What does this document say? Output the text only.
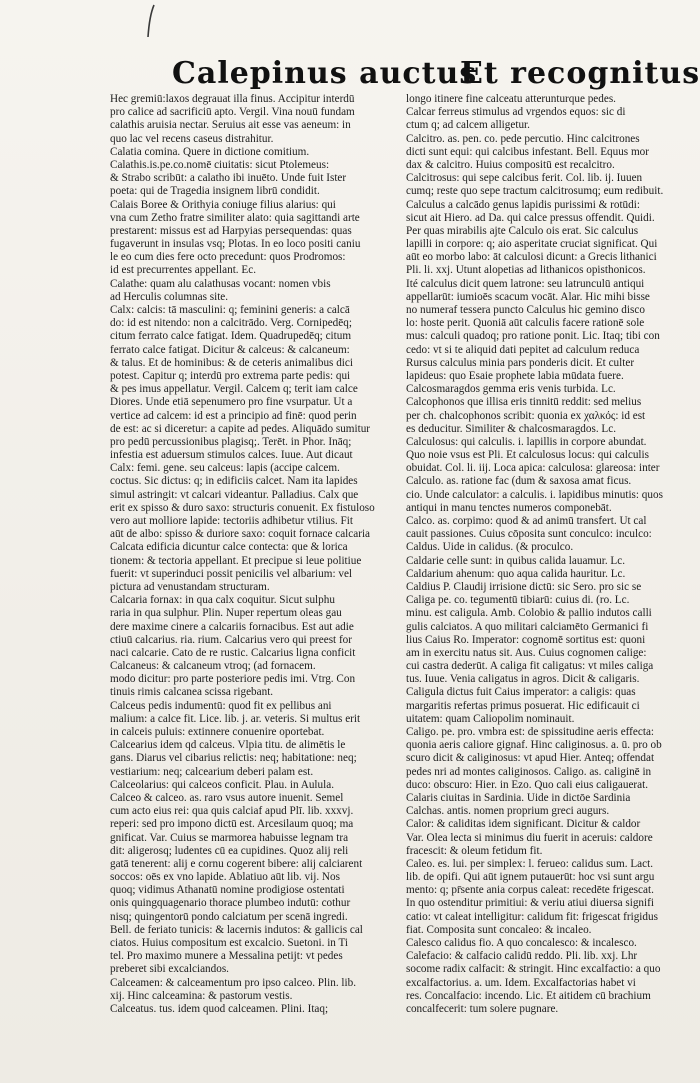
Calepinus auctus
Et recognitus
Hec gremiū:laxos degrauat illa finus. Accipitur interdū
pro calice ad sacrificiū apto. Vergil. Vina nouū fundam
calathis aruisia nectar. Seruius ait esse vas aeneum: in
quo lac vel recens caseus distrahitur.
Calatia comina. Quere in dictione comitium.
Calathis.is.pe.co.nomē ciuitatis: sicut Ptolemeus:
& Strabo scribūt: a calatho ibi inuēto. Unde fuit Ister
poeta: qui de Tragedia insignem librū condidit.
Calais Boree & Orithyia coniuge filius alarius: qui
vna cum Zetho fratre similiter alato: quia sagittandi arte
prestarent: missus est ad Harpyias persequendas: quas
fugaverunt in insulas vsq; Plotas. In eo loco positi caniu
le eo cum dies fere octo precedunt: quos Prodromos:
id est precurrentes appellant. Ec.
Calathe: quam alu calathusas vocant: nomen vbis
ad Herculis columnas site.
Calx: calcis: tā masculini: q; feminini generis: a calcā
do: id est nitendo: non a calcitrādo. Verg. Cornipedēq;
citum ferrato calce fatigat. Idem. Quadrupedēq; citum
ferrato calce fatigat. Dicitur & calceus: & calcaneum:
& talus. Et de hominibus: & de ceteris animalibus dici
potest. Capitur q; interdū pro extrema parte pedis: qui
& pes imus appellatur. Vergil. Calcem q; terit iam calce
Diores. Unde etiā sepenumero pro fine vsurpatur. Ut a
vertice ad calcem: id est a principio ad finē: quod perin
de est: ac si diceretur: a capite ad pedes. Aliquādo sumitur
pro pedū percussionibus plagisq;. Terēt. in Phor. Ināq;
infestia est aduersum stimulos calces. Iuue. Aut dicaut
Calx: femi. gene. seu calceus: lapis (accipe calcem.
coctus. Sic dictus: q; in edificiis calcet. Nam ita lapides
simul astringit: vt calcari videantur. Palladius. Calx que
erit ex spisso & duro saxo: structuris conuenit. Ex fistuloso
vero aut molliore lapide: tectoriis adhibetur vtilius. Fit
aūt de albo: spisso & duriore saxo: coquit fornace calcaria
Calcata edificia dicuntur calce contecta: que & lorica
tionem: & tectoria appellant. Et precipue si leue politiue
fuerit: vt superinduci possit penicilis vel albarium: vel
pictura ad venustandam structuram.
Calcaria fornax: in qua calx coquitur. Sicut sulphu
raria in qua sulphur. Plin. Nuper repertum oleas gau
dere maxime cinere a calcariis fornacibus. Est aut adie
ctiuū calcarius. ria. rium. Calcarius vero qui preest for
naci calcarie. Cato de re rustic. Calcarius ligna conficit
Calcaneus: & calcaneum vtroq; (ad fornacem.
modo dicitur: pro parte posteriore pedis imi. Vtrg. Con
tinuis rimis calcanea scissa rigebant.
Calceus pedis indumentū: quod fit ex pellibus ani
malium: a calce fit. Lice. lib. j. ar. veteris. Si multus erit
in calceis puluis: extinnere conuenire oportebat.
Calcearius idem qd calceus. Vlpia titu. de alimētis le
gans. Diarus vel cibarius relictis: neq; habitatione: neq;
vestiarium: neq; calcearium deberi palam est.
Calceolarius: qui calceos conficit. Plau. in Aulula.
Calceo & calceo. as. raro vsus autore inuenit. Semel
cum acto eius rei: qua quis calciaf apud Plī. lib. xxxvj.
reperi: sed pro impono dictū est. Arcesilaum quoq; ma
gnificat. Var. Cuius se marmorea habuisse legnam tra
dit: aligerosq; ludentes cū ea cupidines. Quoz alij reli
gatā tenerent: alij e cornu cogerent bibere: alij calciarent
soccos: oēs ex vno lapide. Ablatiuo aūt lib. vij. Nos
quoq; vidimus Athanatū nomine prodigiose ostentati
onis quingquagenario thorace plumbeo indutū: cothur
nisq; quingentorū pondo calciatum per scenā ingredi.
Bell. de feriato tunicis: & lacernis indutos: & gallicis cal
ciatos. Huius compositum est excalcio. Suetoni. in Ti
tel. Pro maximo munere a Messalina petijt: vt pedes
preberet sibi excalciandos.
Calceamen: & calceamentum pro ipso calceo. Plin. lib.
xij. Hinc calceamina: & pastorum vestis.
Calceatus. tus. idem quod calceamen. Plini. Itaq;
longo itinere fine calceatu atterunturque pedes.
Calcar ferreus stimulus ad vrgendos equos: sic di
ctum q; ad calcem alligetur.
Calcitro. as. pen. co. pede percutio. Hinc calcitrones
dicti sunt equi: qui calcibus infestant. Bell. Equus mor
dax & calcitro. Huius compositū est recalcitro.
Calcitrosus: qui sepe calcibus ferit. Col. lib. ij. Iuuen
cumq; reste quo sepe tractum calcitrosumq; eum redibuit.
Calculus a calcādo genus lapidis purissimi & rotūdi:
sicut ait Hiero. ad Da. qui calce pressus offendit. Quidi.
Per quas mirabilis ajte Calculo ois erat. Sic calculus
lapilli in corpore: q; aio asperitate cruciat significat. Qui
aūt eo morbo labo: āt calculosi dicunt: a Grecis lithanici
Pli. li. xxj. Utunt alopetias ad lithanicos opisthonicos.
Ité calculus dicit quem latrone: seu latrunculū antiqui
appellarūt: iumioēs scacum vocāt. Alar. Hic mihi bisse
no numeraf tessera puncto Calculus hic gemino disco
lo: hoste perit. Quoniā aūt calculis facere rationē sole
mus: calculi quadoq; pro ratione ponit. Lic. Itaq; tibi con
cedo: vt si te aliquid dati pepitet ad calculum reduca
Rursus calculus minia pars ponderis dicit. Et culter
lapideus: quo Esaie prophete labia mūdata fuere.
Calcosmaragdos gemma eris venis turbida. Lc.
Calcophonos que illisa eris tinnitū reddit: sed melius
per ch. chalcophonos scribit: quonia ex χαλκός: id est
es deducitur. Similiter & chalcosmaragdos. Lc.
Calculosus: qui calculis. i. lapillis in corpore abundat.
Quo noie vsus est Pli. Et calculosus locus: qui calculis
obuidat. Col. li. iij. Loca apica: calculosa: glareosa: inter
Calculo. as. ratione fac (dum & saxosa amat ficus.
cio. Unde calculator: a calculis. i. lapidibus minutis: quos
antiqui in manu tenctes numeros componebāt.
Calco. as. corpimo: quod & ad animū transfert. Ut cal
cauit passiones. Cuius cōposita sunt conculco: inculco:
Caldus. Uide in calidus. (& proculco.
Caldarie celle sunt: in quibus calida lauamur. Lc.
Caldarium ahenum: quo aqua calida hauritur. Lc.
Caldius P. Claudij irrisione dictū: sic Sero. pro sic se
Caliga pe. co. tegumentū tibiarū: cuius di. (ro. Lc.
minu. est caligula. Amb. Colobio & pallio indutos calli
gulis calciatos. A quo militari calciamēto Germanici fi
lius Caius Ro. Imperator: cognomē sortitus est: quoni
am in exercitu natus sit. Aus. Cuius cognomen calige:
cui castra dederūt. A caliga fit caligatus: vt miles caliga
tus. Iuue. Venia caligatus in agros. Dicit & caligaris.
Caligula dictus fuit Caius imperator: a caligis: quas
margaritis refertas primus posuerat. Hic edificauit ci
uitatem: quam Caliopolim nominauit.
Caligo. pe. pro. vmbra est: de spissitudine aeris effecta:
quonia aeris caliore gignaf. Hinc caliginosus. a. ū. pro ob
scuro dicit & caliginosus: vt apud Hier. Anteq; offendat
pedes nri ad montes caliginosos. Caligo. as. caliginē in
duco: obscuro: Hier. in Ezo. Quo cali eius caligauerat.
Calaris ciuitas in Sardinia. Uide in dictōe Sardinia
Calchas. antis. nomen proprium greci augurs.
Calor: & caliditas idem significant. Dicitur & caldor
Var. Olea lecta si minimus diu fuerit in aceruis: caldore
fracescit: & oleum fetidum fit.
Caleo. es. lui. per simplex: l. ferueo: calidus sum. Lact.
lib. de opifi. Qui aūt ignem putauerūt: hoc vsi sunt argu
mento: q; pr̄sente ania corpus caleat: recedēte frigescat.
In quo ostenditur primitiui: & veriu atiui diuersa signifi
catio: vt caleat intelligitur: calidum fit: frigescat frigidus
fiat. Composita sunt concaleo: & incaleo.
Calesco calidus fio. A quo concalesco: & incalesco.
Calefacio: & calfacio calidū reddo. Pli. lib. xxj. Lhr
socome radix calfacit: & stringit. Hinc excalfactio: a quo
excalfactorius. a. um. Idem. Excalfactorias habet vi
res. Concalfacio: incendo. Lic. Et aitidem cū brachium
concalfecerit: tum solere pugnare.
